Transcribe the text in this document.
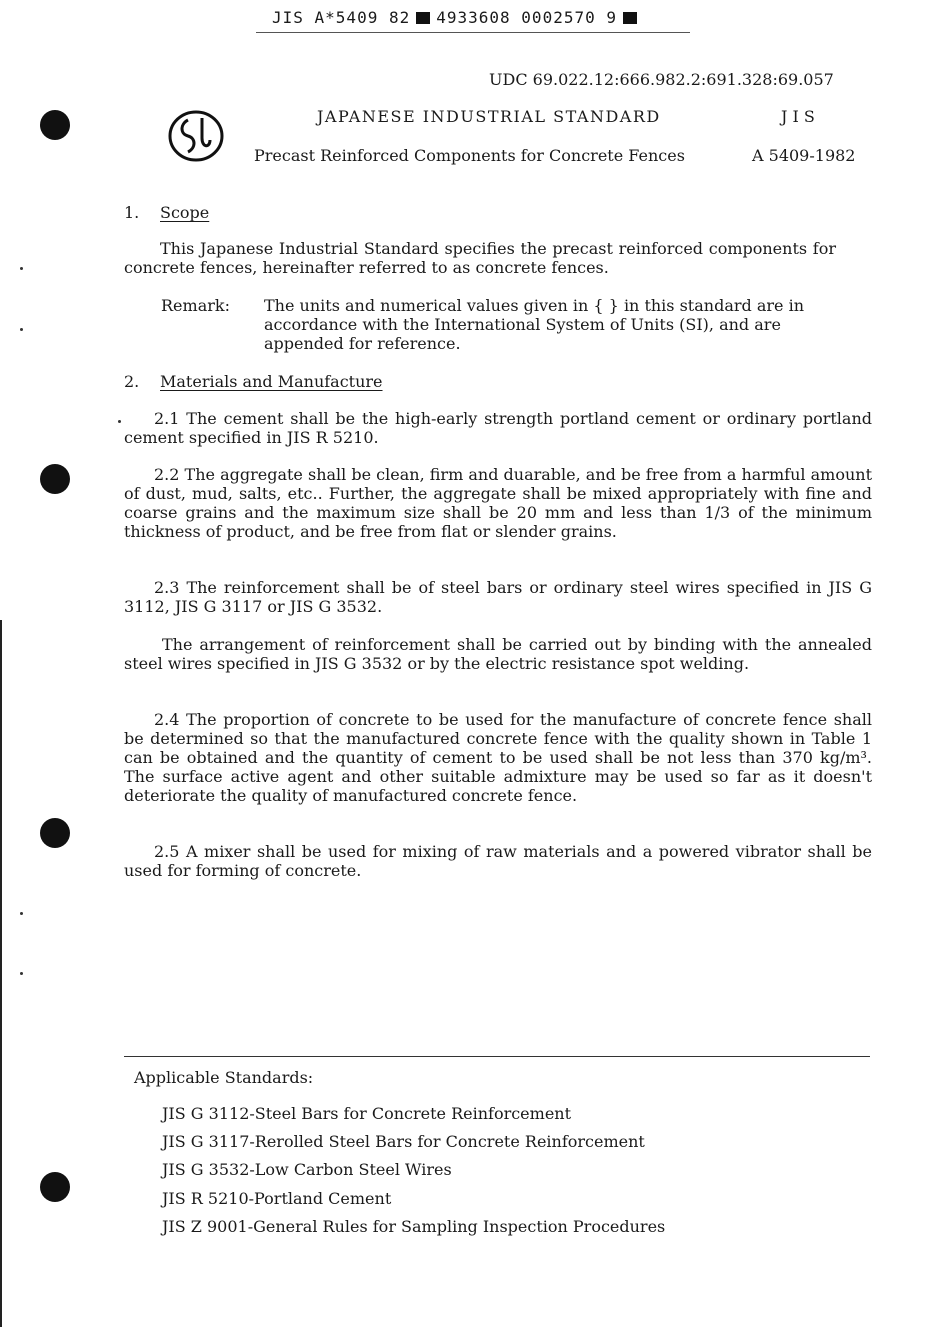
JIS A*5409 82 4933608 0002570 9
UDC 69.022.12:666.982.2:691.328:69.057
JAPANESE INDUSTRIAL STANDARD	J I S
Precast Reinforced Components for Concrete Fences	A 5409-1982
1. Scope
This Japanese Industrial Standard specifies the precast reinforced components for concrete fences, hereinafter referred to as concrete fences.
Remark: The units and numerical values given in { } in this standard are in accordance with the International System of Units (SI), and are appended for reference.
2. Materials and Manufacture
2.1 The cement shall be the high-early strength portland cement or ordinary portland cement specified in JIS R 5210.
2.2 The aggregate shall be clean, firm and duarable, and be free from a harmful amount of dust, mud, salts, etc.. Further, the aggregate shall be mixed appropriately with fine and coarse grains and the maximum size shall be 20 mm and less than 1/3 of the minimum thickness of product, and be free from flat or slender grains.
2.3 The reinforcement shall be of steel bars or ordinary steel wires specified in JIS G 3112, JIS G 3117 or JIS G 3532.
The arrangement of reinforcement shall be carried out by binding with the annealed steel wires specified in JIS G 3532 or by the electric resistance spot welding.
2.4 The proportion of concrete to be used for the manufacture of concrete fence shall be determined so that the manufactured concrete fence with the quality shown in Table 1 can be obtained and the quantity of cement to be used shall be not less than 370 kg/m³. The surface active agent and other suitable admixture may be used so far as it doesn't deteriorate the quality of manufactured concrete fence.
2.5 A mixer shall be used for mixing of raw materials and a powered vibrator shall be used for forming of concrete.
Applicable Standards:
JIS G 3112-Steel Bars for Concrete Reinforcement
JIS G 3117-Rerolled Steel Bars for Concrete Reinforcement
JIS G 3532-Low Carbon Steel Wires
JIS R 5210-Portland Cement
JIS Z 9001-General Rules for Sampling Inspection Procedures
